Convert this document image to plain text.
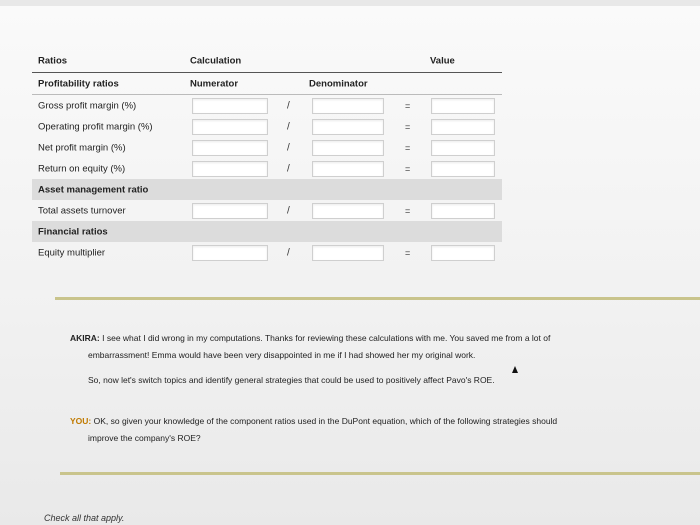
Ratios	Calculation	Value
Profitability ratios	Numerator	Denominator
Gross profit margin (%)	/	=
Operating profit margin (%)	/	=
Net profit margin (%)	/	=
Return on equity (%)	/	=
Asset management ratio
Total assets turnover	/	=
Financial ratios
Equity multiplier	/	=
AKIRA: I see what I did wrong in my computations. Thanks for reviewing these calculations with me. You saved me from a lot of
embarrassment! Emma would have been very disappointed in me if I had showed her my original work.
So, now let's switch topics and identify general strategies that could be used to positively affect Pavo's ROE.
YOU: OK, so given your knowledge of the component ratios used in the DuPont equation, which of the following strategies should
improve the company's ROE?
Check all that apply.
